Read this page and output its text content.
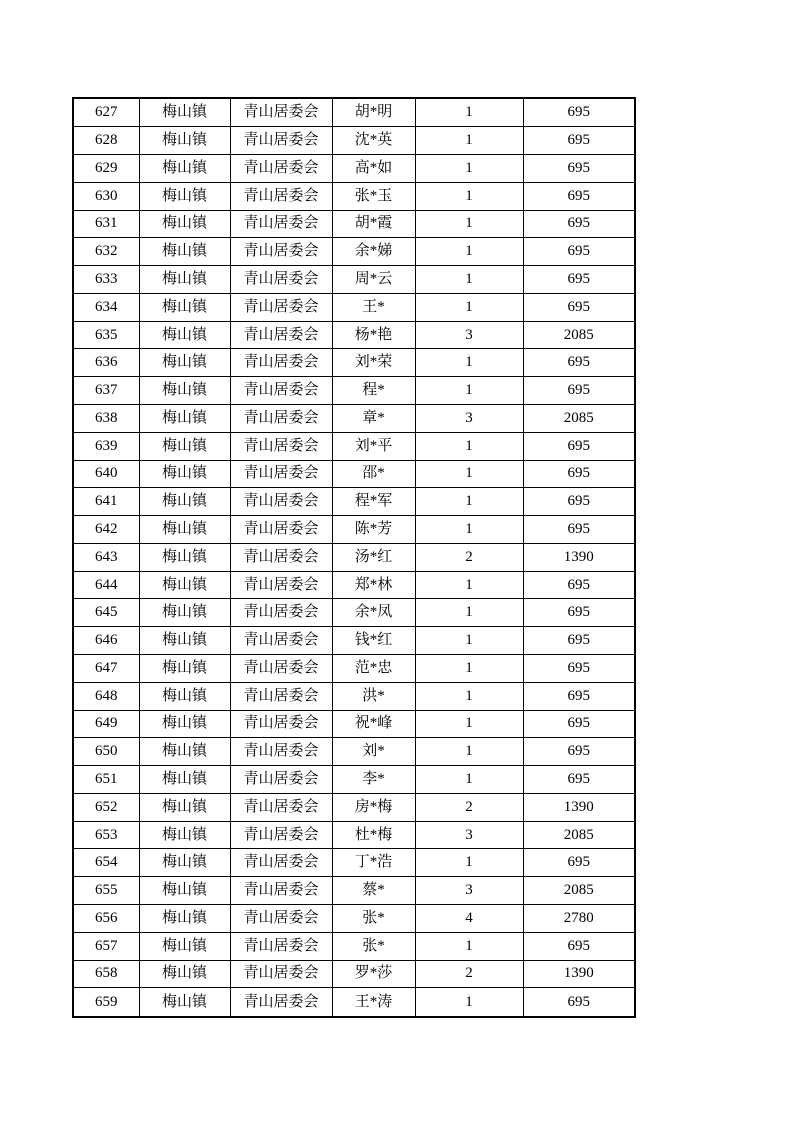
627	梅山镇	青山居委会	胡*明	1	695
628	梅山镇	青山居委会	沈*英	1	695
629	梅山镇	青山居委会	高*如	1	695
630	梅山镇	青山居委会	张*玉	1	695
631	梅山镇	青山居委会	胡*霞	1	695
632	梅山镇	青山居委会	余*娣	1	695
633	梅山镇	青山居委会	周*云	1	695
634	梅山镇	青山居委会	王*	1	695
635	梅山镇	青山居委会	杨*艳	3	2085
636	梅山镇	青山居委会	刘*荣	1	695
637	梅山镇	青山居委会	程*	1	695
638	梅山镇	青山居委会	章*	3	2085
639	梅山镇	青山居委会	刘*平	1	695
640	梅山镇	青山居委会	邵*	1	695
641	梅山镇	青山居委会	程*军	1	695
642	梅山镇	青山居委会	陈*芳	1	695
643	梅山镇	青山居委会	汤*红	2	1390
644	梅山镇	青山居委会	郑*林	1	695
645	梅山镇	青山居委会	余*凤	1	695
646	梅山镇	青山居委会	钱*红	1	695
647	梅山镇	青山居委会	范*忠	1	695
648	梅山镇	青山居委会	洪*	1	695
649	梅山镇	青山居委会	祝*峰	1	695
650	梅山镇	青山居委会	刘*	1	695
651	梅山镇	青山居委会	李*	1	695
652	梅山镇	青山居委会	房*梅	2	1390
653	梅山镇	青山居委会	杜*梅	3	2085
654	梅山镇	青山居委会	丁*浩	1	695
655	梅山镇	青山居委会	蔡*	3	2085
656	梅山镇	青山居委会	张*	4	2780
657	梅山镇	青山居委会	张*	1	695
658	梅山镇	青山居委会	罗*莎	2	1390
659	梅山镇	青山居委会	王*涛	1	695
